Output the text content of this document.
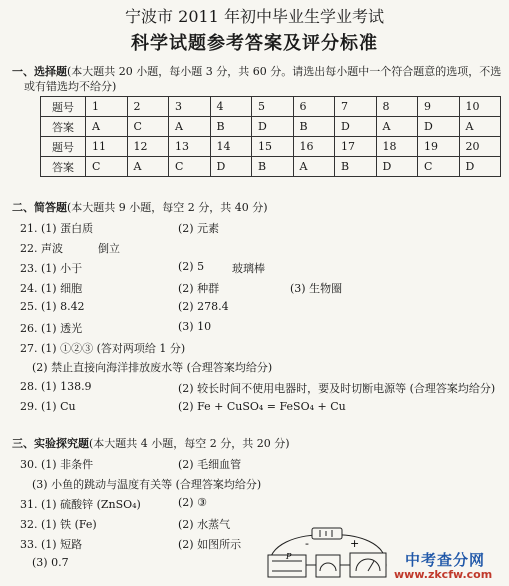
宁波市 2011 年初中毕业生学业考试
科学试题参考答案及评分标准
一、选择题(本大题共 20 小题，每小题 3 分，共 60 分。请选出每小题中一个符合题意的选项，不选
或有错选均不给分)
题号	1	2	3	4	5	6	7	8	9	10
答案	A	C	A	B	D	B	D	A	D	A
题号	11	12	13	14	15	16	17	18	19	20
答案	C	A	C	D	B	A	B	D	C	D
二、简答题(本大题共 9 小题，每空 2 分，共 40 分)
21. (1) 蛋白质	(2) 元素
22. 声波	倒立
23. (1) 小于	(2) 5	玻璃棒
24. (1) 细胞	(2) 种群	(3) 生物圈
25. (1) 8.42	(2) 278.4
26. (1) 透光	(3) 10
27. (1) ①②③ (答对两项给 1 分)
(2) 禁止直接向海洋排放废水等 (合理答案均给分)
28. (1) 138.9	(2) 较长时间不使用电器时，要及时切断电源等 (合理答案均给分)
29. (1) Cu	(2) Fe + CuSO₄ = FeSO₄ + Cu
三、实验探究题(本大题共 4 小题，每空 2 分，共 20 分)
30. (1) 非条件	(2) 毛细血管
(3) 小鱼的跳动与温度有关等 (合理答案均给分)
31. (1) 硫酸锌 (ZnSO₄)	(2) ③
32. (1) 铁 (Fe)	(2) 水蒸气
33. (1) 短路	(2) 如图所示
(3) 0.7
-	+
P	中考查分网
www.zkcfw.com
